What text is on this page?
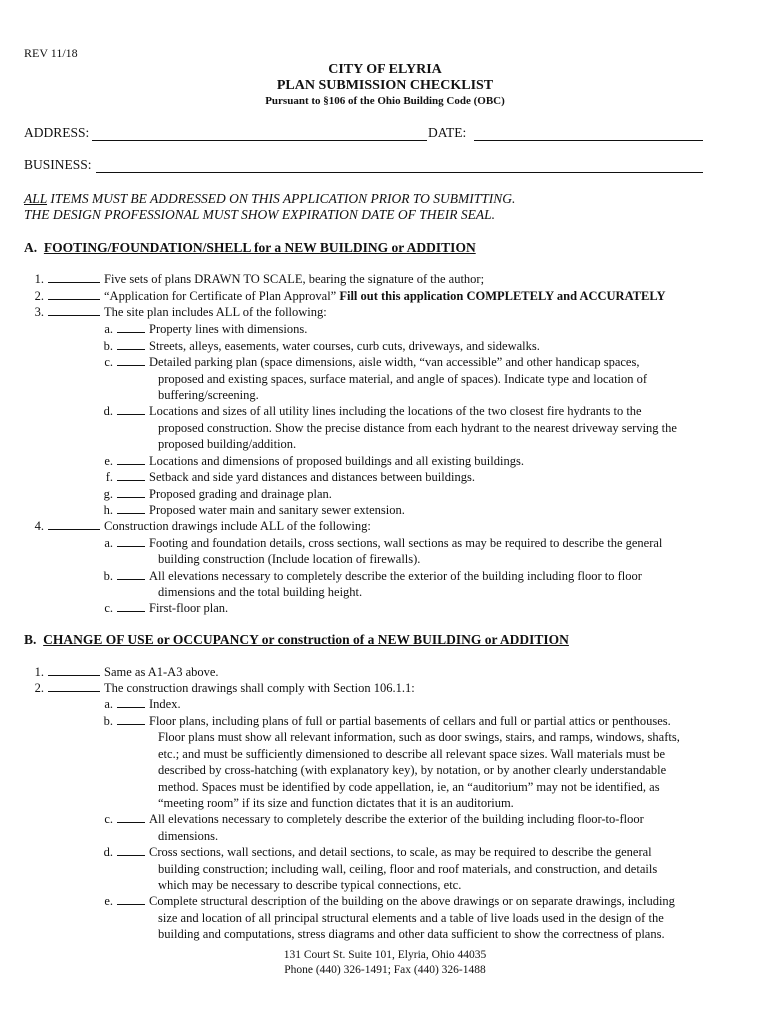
REV 11/18
CITY OF ELYRIA
PLAN SUBMISSION CHECKLIST
Pursuant to §106 of the Ohio Building Code (OBC)
ADDRESS:	DATE:
BUSINESS:
ALL ITEMS MUST BE ADDRESSED ON THIS APPLICATION PRIOR TO SUBMITTING.
THE DESIGN PROFESSIONAL MUST SHOW EXPIRATION DATE OF THEIR SEAL.
A. FOOTING/FOUNDATION/SHELL for a NEW BUILDING or ADDITION
1.	Five sets of plans DRAWN TO SCALE, bearing the signature of the author;
2.	“Application for Certificate of Plan Approval” Fill out this application COMPLETELY and ACCURATELY
3.	The site plan includes ALL of the following:
a.	Property lines with dimensions.
b.	Streets, alleys, easements, water courses, curb cuts, driveways, and sidewalks.
c.	Detailed parking plan (space dimensions, aisle width, “van accessible” and other handicap spaces,
proposed and existing spaces, surface material, and angle of spaces). Indicate type and location of
buffering/screening.
d.	Locations and sizes of all utility lines including the locations of the two closest fire hydrants to the
proposed construction. Show the precise distance from each hydrant to the nearest driveway serving the
proposed building/addition.
e.	Locations and dimensions of proposed buildings and all existing buildings.
f.	Setback and side yard distances and distances between buildings.
g.	Proposed grading and drainage plan.
h.	Proposed water main and sanitary sewer extension.
4.	Construction drawings include ALL of the following:
a.	Footing and foundation details, cross sections, wall sections as may be required to describe the general
building construction (Include location of firewalls).
b.	All elevations necessary to completely describe the exterior of the building including floor to floor
dimensions and the total building height.
c.	First-floor plan.
B. CHANGE OF USE or OCCUPANCY or construction of a NEW BUILDING or ADDITION
1.	Same as A1-A3 above.
2.	The construction drawings shall comply with Section 106.1.1:
a.	Index.
b.	Floor plans, including plans of full or partial basements of cellars and full or partial attics or penthouses.
Floor plans must show all relevant information, such as door swings, stairs, and ramps, windows, shafts,
etc.; and must be sufficiently dimensioned to describe all relevant space sizes. Wall materials must be
described by cross-hatching (with explanatory key), by notation, or by another clearly understandable
method. Spaces must be identified by code appellation, ie, an “auditorium” may not be identified, as
“meeting room” if its size and function dictates that it is an auditorium.
c.	All elevations necessary to completely describe the exterior of the building including floor-to-floor
dimensions.
d.	Cross sections, wall sections, and detail sections, to scale, as may be required to describe the general
building construction; including wall, ceiling, floor and roof materials, and construction, and details
which may be necessary to describe typical connections, etc.
e.	Complete structural description of the building on the above drawings or on separate drawings, including
size and location of all principal structural elements and a table of live loads used in the design of the
building and computations, stress diagrams and other data sufficient to show the correctness of plans.
131 Court St. Suite 101, Elyria, Ohio 44035
Phone (440) 326-1491; Fax (440) 326-1488
